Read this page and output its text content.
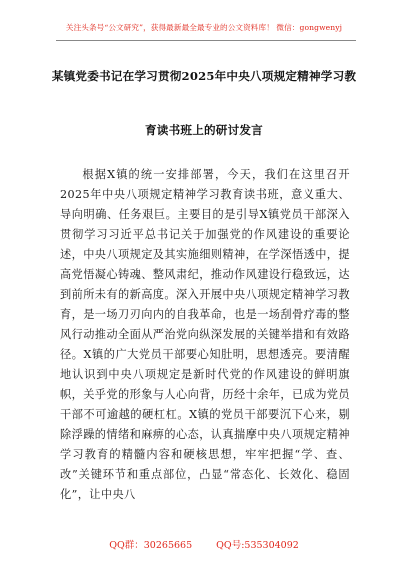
关注头条号“公文研究”，获得最新最全最专业的公文资料库！ 微信：gongwenyj
某镇党委书记在学习贯彻2025年中央八项规定精神学习教
育读书班上的研讨发言

根据X镇的统一安排部署，今天，我们在这里召开2025年中央八项规定精神学习教育读书班，意义重大、导向明确、任务艰巨。主要目的是引导X镇党员干部深入贯彻学习习近平总书记关于加强党的作风建设的重要论述，中央八项规定及其实施细则精神，在学深悟透中，提高党悟凝心铸魂、整风肃纪，推动作风建设行稳致远，达到前所未有的新高度。深入开展中央八项规定精神学习教育，是一场刀刃向内的自我革命，也是一场刮骨疗毒的整风行动推动全面从严治党向纵深发展的关键举措和有效路径。X镇的广大党员干部要心知肚明，思想透亮。要清醒地认识到中央八项规定是新时代党的作风建设的鲜明旗帜，关乎党的形象与人心向背，历经十余年，已成为党员干部不可逾越的硬杠杠。X镇的党员干部要沉下心来，剔除浮躁的情绪和麻痹的心态，认真揣摩中央八项规定精神学习教育的精髓内容和硬核思想，牢牢把握“学、查、改”关键环节和重点部位，凸显“常态化、长效化、稳固化”，让中央八

QQ群：30265665	QQ号:535304092
